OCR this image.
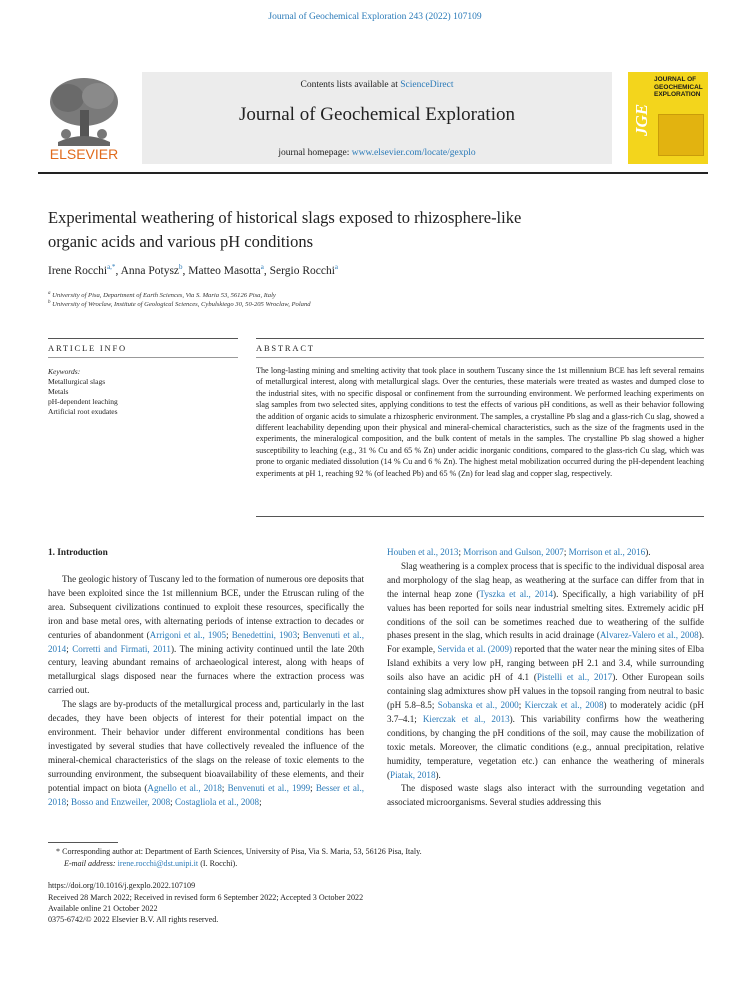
Journal of Geochemical Exploration 243 (2022) 107109
ELSEVIER
Contents lists available at ScienceDirect
Journal of Geochemical Exploration
journal homepage: www.elsevier.com/locate/gexplo
JOURNAL OF GEOCHEMICAL EXPLORATION
JGE
Experimental weathering of historical slags exposed to rhizosphere-like
organic acids and various pH conditions
Irene Rocchi$^{a,*}$, Anna Potysz$^b$, Matteo Masotta$^a$, Sergio Rocchi$^a$
$^a$ University of Pisa, Department of Earth Sciences, Via S. Maria 53, 56126 Pisa, Italy
$^b$ University of Wroclaw, Institute of Geological Sciences, Cybulskiego 30, 50-205 Wroclaw, Poland
ARTICLE INFO
Keywords:
Metallurgical slags
Metals
pH-dependent leaching
Artificial root exudates
ABSTRACT
The long-lasting mining and smelting activity that took place in southern Tuscany since the 1st millennium BCE has left several remains of metallurgical interest, along with metallurgical slags. Over the centuries, these materials were treated as wastes and dumped close to the industrial sites, with no specific disposal or confinement from the surrounding environment. We performed leaching experiments on slag samples from two selected sites, applying conditions to test the effects of various pH conditions, as well as their behavior following the addition of organic acids to simulate a rhizospheric environment. The samples, a crystalline Pb slag and a glass-rich Cu slag, showed a different leachability depending upon their physical and mineral-chemical characteristics, such as the size of the fragments used in the experiments, the mineralogical composition, and the bulk content of metals in the samples. The crystalline Pb slag showed a higher susceptibility to leaching (e.g., 31 % Cu and 65 % Zn) under acidic inorganic conditions, compared to the glass-rich Cu slag, which was prone to organic mediated dissolution (14 % Cu and 6 % Zn). The highest metal mobilization occurred during the pH-dependent leaching experiments at pH 1, reaching 92 % (of leached Pb) and 65 % (Zn) for lead slag and copper slag, respectively.
1. Introduction

The geologic history of Tuscany led to the formation of numerous ore deposits that have been exploited since the 1st millennium BCE, under the Etruscan ruling of the area. Subsequent civilizations continued to exploit these resources, specifically the iron and base metal ores, with alternating periods of intense extraction to decades or centuries of abandonment (Arrigoni et al., 1905; Benedettini, 1903; Benvenuti et al., 2014; Corretti and Firmati, 2011). The mining activity continued until the late 20th century, leaving abundant remains of archaeological interest, along with heaps of metallurgical slags disposed near the furnaces where the extraction process was carried out.

The slags are by-products of the metallurgical process and, particularly in the last decades, they have been objects of interest for their potential impact on the environment. Their behavior under different environmental conditions has been investigated by several studies that have collectively revealed the influence of the mineral-chemical characteristics of the slags on the release of toxic elements to the surrounding environment, the subsequent bioavailability of these elements, and their potential impact on biota (Agnello et al., 2018; Benvenuti et al., 1999; Besser et al., 2018; Bosso and Enzweiler, 2008; Costagliola et al., 2008;

Houben et al., 2013; Morrison and Gulson, 2007; Morrison et al., 2016).

Slag weathering is a complex process that is specific to the individual disposal area and morphology of the slag heap, as weathering at the surface can differ from that in the internal heap zone (Tyszka et al., 2014). Specifically, a high variability of pH values has been reported for soils near industrial smelting sites. Extremely acidic pH conditions of the soil can be sometimes reached due to weathering of the sulfide phases present in the slag, which results in acid drainage (Alvarez-Valero et al., 2008). For example, Servida et al. (2009) reported that the water near the mining sites of Elba Island exhibits a very low pH, ranging between pH 2.1 and 3.4, while surrounding soils also have an acidic pH of 4.1 (Pistelli et al., 2017). Other European soils containing slag admixtures show pH values in the topsoil ranging from neutral to basic (pH 5.8–8.5; Sobanska et al., 2000; Kierczak et al., 2008) to moderately acidic (pH 3.7–4.1; Kierczak et al., 2013). This variability confirms how the weathering conditions, by changing the pH conditions of the soil, may cause the mobilization of toxic metals. Moreover, the climatic conditions (e.g., annual precipitation, relative humidity, temperature, vegetation etc.) can enhance the weathering of minerals (Piatak, 2018).

The disposed waste slags also interact with the surrounding vegetation and associated microorganisms. Several studies addressing this

* Corresponding author at: Department of Earth Sciences, University of Pisa, Via S. Maria, 53, 56126 Pisa, Italy.
E-mail address: irene.rocchi@dst.unipi.it (I. Rocchi).
https://doi.org/10.1016/j.gexplo.2022.107109
Received 28 March 2022; Received in revised form 6 September 2022; Accepted 3 October 2022
Available online 21 October 2022
0375-6742/© 2022 Elsevier B.V. All rights reserved.
